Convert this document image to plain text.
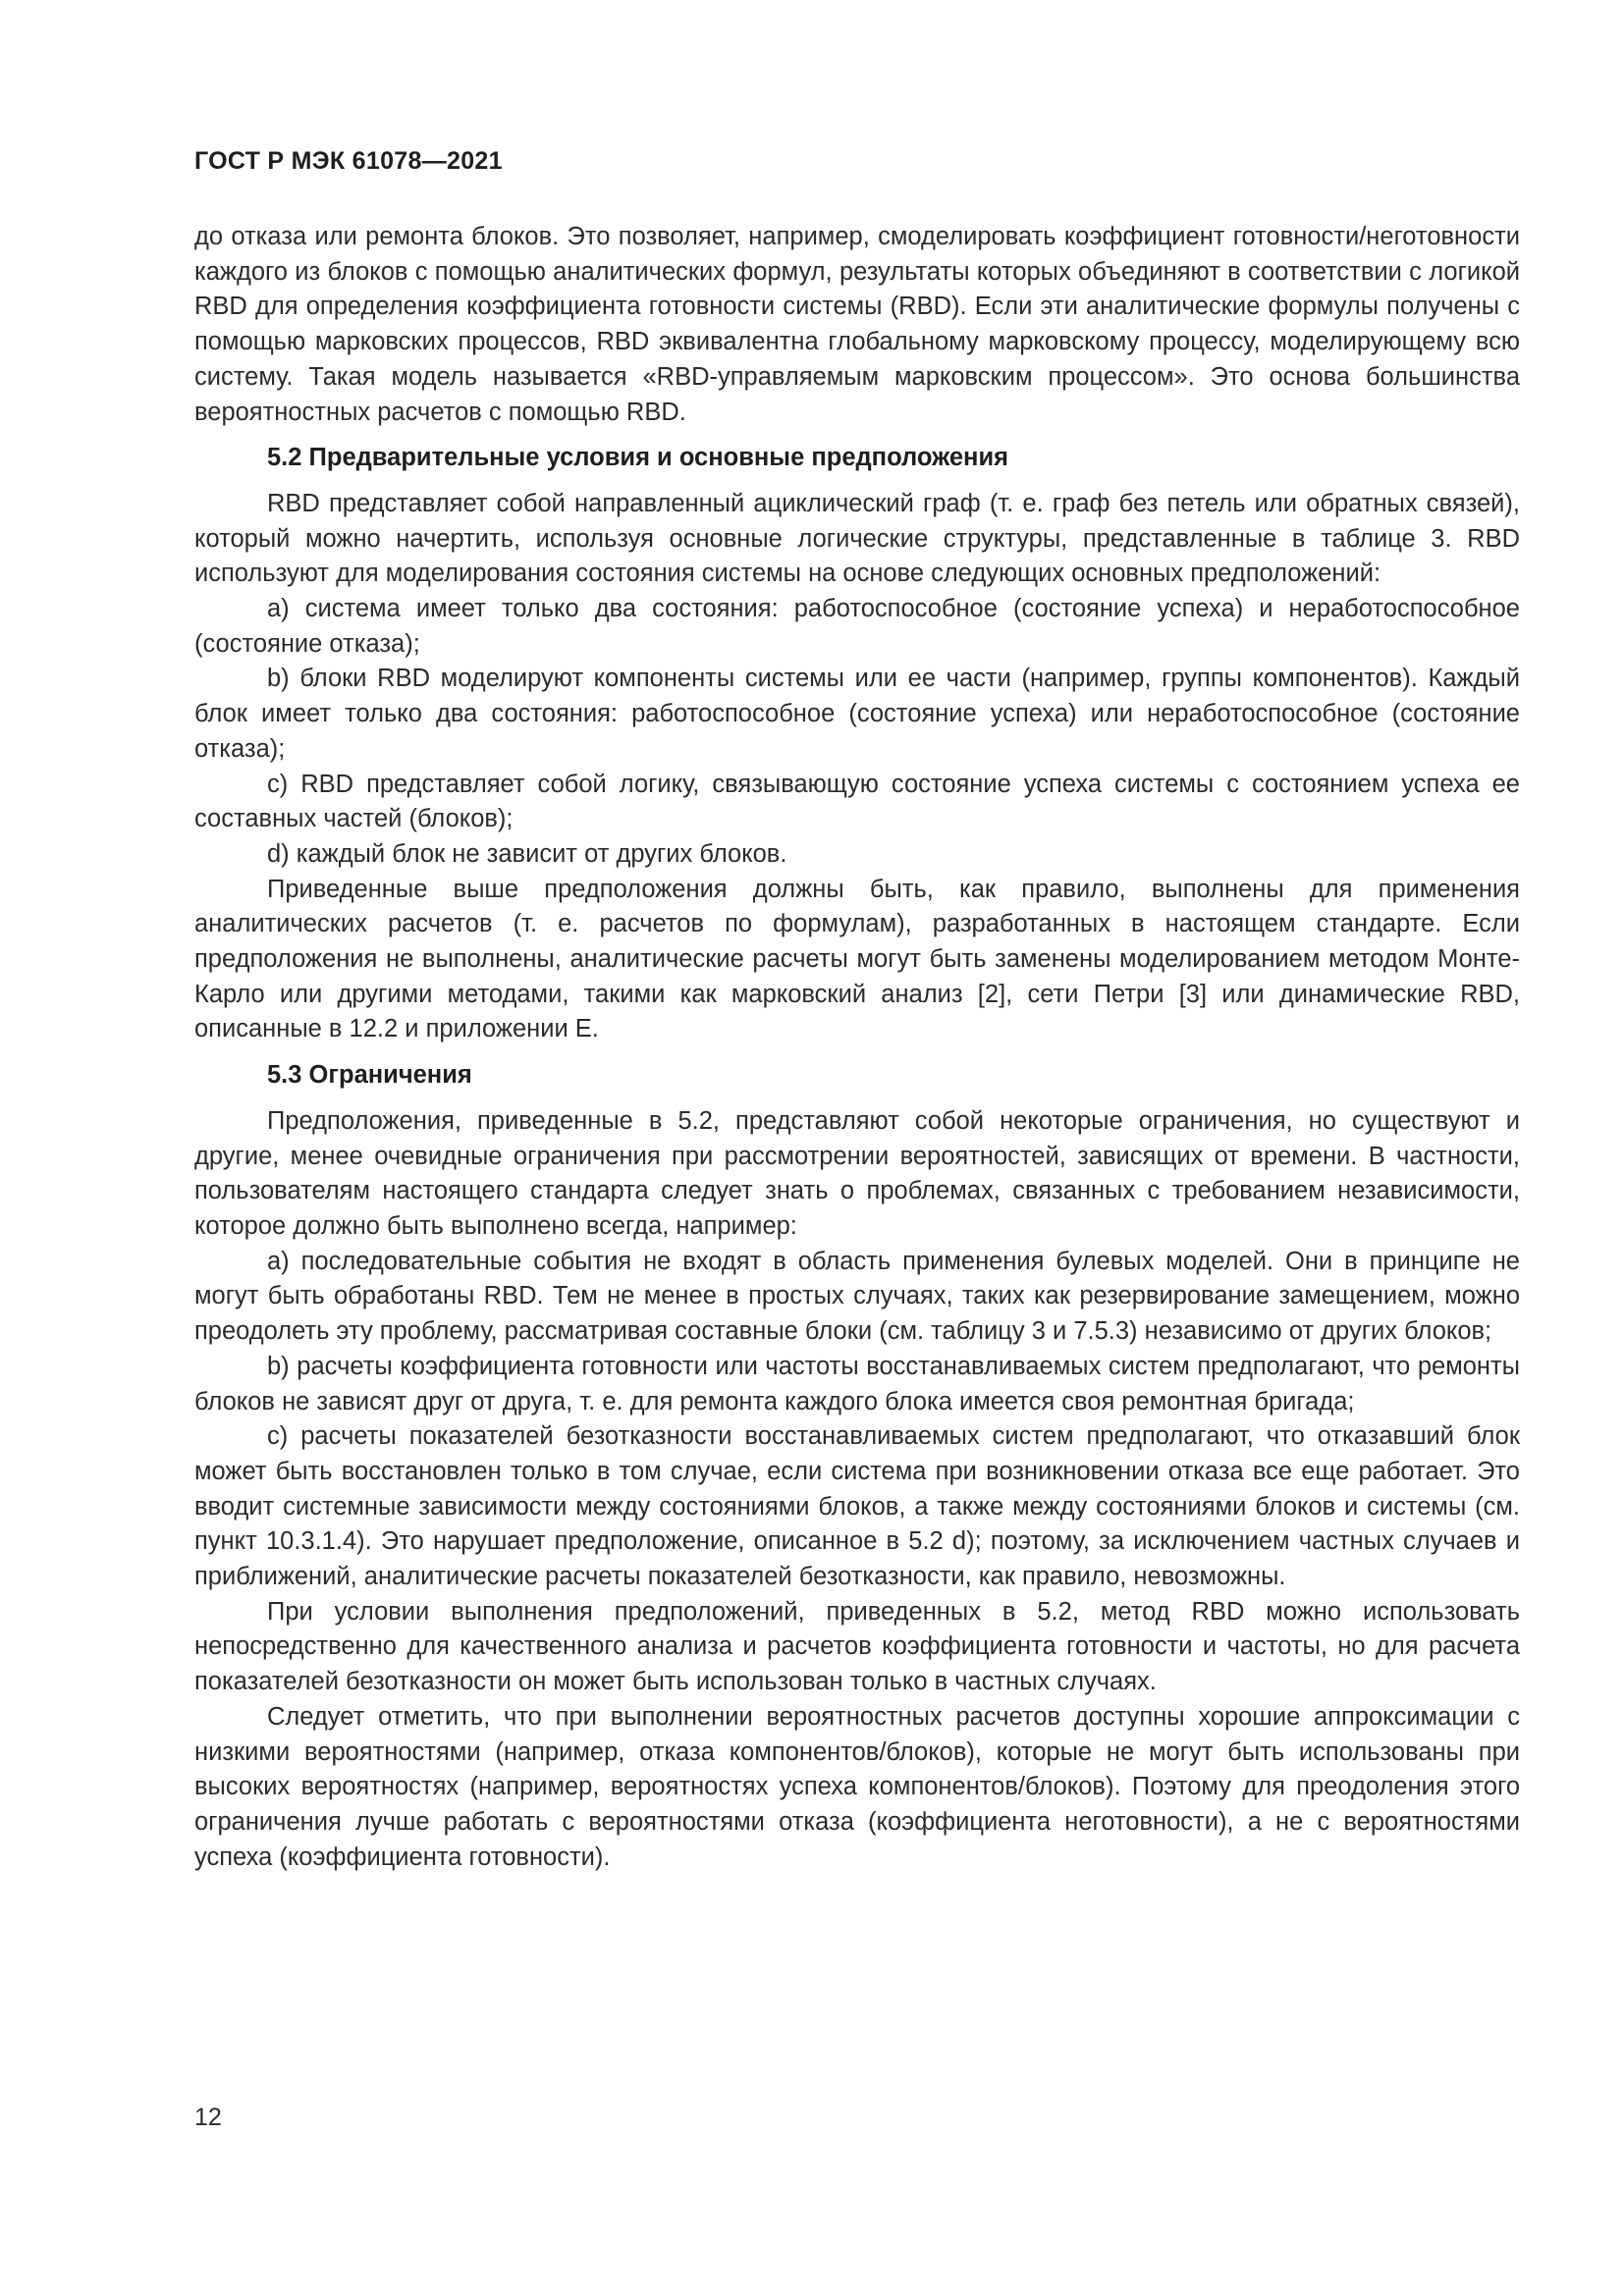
ГОСТ Р МЭК 61078—2021

до отказа или ремонта блоков. Это позволяет, например, смоделировать коэффициент готовности/неготовности каждого из блоков с помощью аналитических формул, результаты которых объединяют в соответствии с логикой RBD для определения коэффициента готовности системы (RBD). Если эти аналитические формулы получены с помощью марковских процессов, RBD эквивалентна глобальному марковскому процессу, моделирующему всю систему. Такая модель называется «RBD-управляемым марковским процессом». Это основа большинства вероятностных расчетов с помощью RBD.

5.2 Предварительные условия и основные предположения

RBD представляет собой направленный ациклический граф (т. е. граф без петель или обратных связей), который можно начертить, используя основные логические структуры, представленные в таблице 3. RBD используют для моделирования состояния системы на основе следующих основных предположений:

a) система имеет только два состояния: работоспособное (состояние успеха) и неработоспособное (состояние отказа);

b) блоки RBD моделируют компоненты системы или ее части (например, группы компонентов). Каждый блок имеет только два состояния: работоспособное (состояние успеха) или неработоспособное (состояние отказа);

c) RBD представляет собой логику, связывающую состояние успеха системы с состоянием успеха ее составных частей (блоков);

d) каждый блок не зависит от других блоков.

Приведенные выше предположения должны быть, как правило, выполнены для применения аналитических расчетов (т. е. расчетов по формулам), разработанных в настоящем стандарте. Если предположения не выполнены, аналитические расчеты могут быть заменены моделированием методом Монте-Карло или другими методами, такими как марковский анализ [2], сети Петри [3] или динамические RBD, описанные в 12.2 и приложении E.

5.3 Ограничения

Предположения, приведенные в 5.2, представляют собой некоторые ограничения, но существуют и другие, менее очевидные ограничения при рассмотрении вероятностей, зависящих от времени. В частности, пользователям настоящего стандарта следует знать о проблемах, связанных с требованием независимости, которое должно быть выполнено всегда, например:

a) последовательные события не входят в область применения булевых моделей. Они в принципе не могут быть обработаны RBD. Тем не менее в простых случаях, таких как резервирование замещением, можно преодолеть эту проблему, рассматривая составные блоки (см. таблицу 3 и 7.5.3) независимо от других блоков;

b) расчеты коэффициента готовности или частоты восстанавливаемых систем предполагают, что ремонты блоков не зависят друг от друга, т. е. для ремонта каждого блока имеется своя ремонтная бригада;

c) расчеты показателей безотказности восстанавливаемых систем предполагают, что отказавший блок может быть восстановлен только в том случае, если система при возникновении отказа все еще работает. Это вводит системные зависимости между состояниями блоков, а также между состояниями блоков и системы (см. пункт 10.3.1.4). Это нарушает предположение, описанное в 5.2 d); поэтому, за исключением частных случаев и приближений, аналитические расчеты показателей безотказности, как правило, невозможны.

При условии выполнения предположений, приведенных в 5.2, метод RBD можно использовать непосредственно для качественного анализа и расчетов коэффициента готовности и частоты, но для расчета показателей безотказности он может быть использован только в частных случаях.

Следует отметить, что при выполнении вероятностных расчетов доступны хорошие аппроксимации с низкими вероятностями (например, отказа компонентов/блоков), которые не могут быть использованы при высоких вероятностях (например, вероятностях успеха компонентов/блоков). Поэтому для преодоления этого ограничения лучше работать с вероятностями отказа (коэффициента неготовности), а не с вероятностями успеха (коэффициента готовности).

12
